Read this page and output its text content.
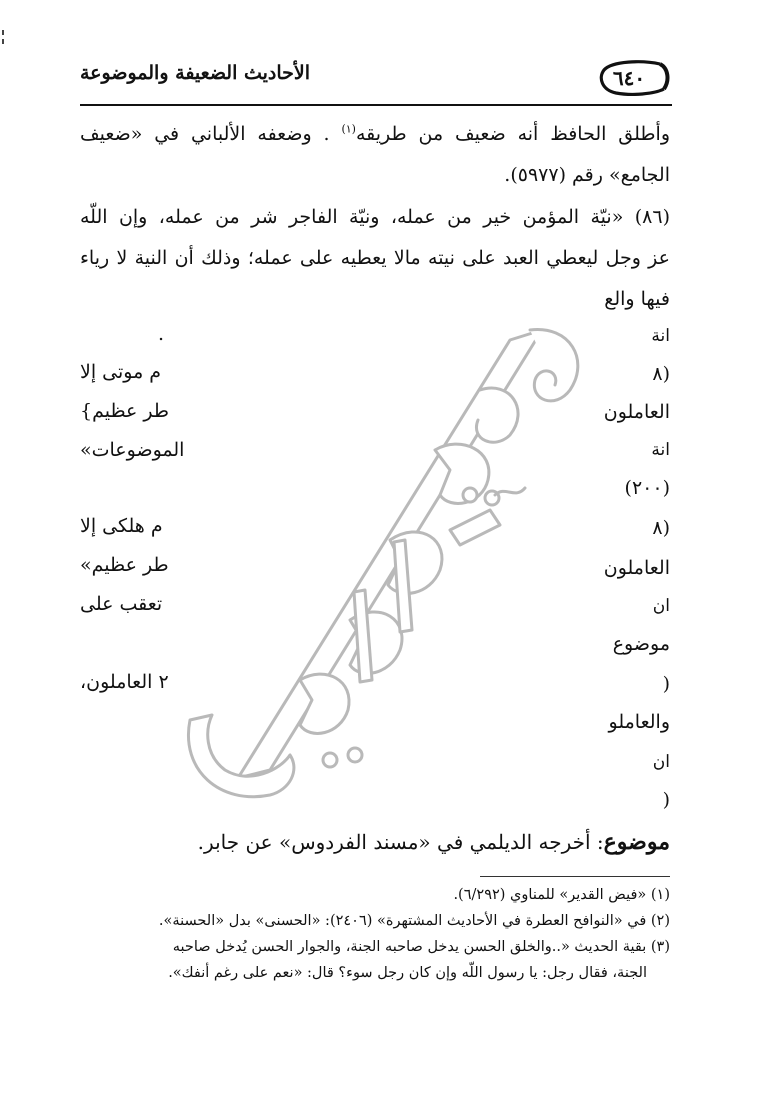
الأحاديث الضعيفة والموضوعة	٦٤٠
وأطلق الحافظ أنه ضعيف من طريقه$^{(١)}$ . وضعفه الألباني في «ضعيف
الجامع» رقم (٥٩٧٧).
(٨٦) «نيّة المؤمن خير من عمله، ونيّة الفاجر شر من عمله، وإن اللّه
عز وجل ليعطي العبد على نيته مالا يعطيه على عمله؛ وذلك أن النية لا رياء
فيها والع
انة
(٨
العاملون
انة
(٢٠٠)
(٨
العاملون
ان
موضوع
(
والعاملو
ان
(
.
م موتى إلا
طر عظيم}
الموضوعات»
م هلكى إلا
طر عظيم»
تعقب على
٢ العاملون،
موضوع: أخرجه الديلمي في «مسند الفردوس» عن جابر.
(١) «فيض القدير» للمناوي (٦/٢٩٢).
(٢) في «النوافح العطرة في الأحاديث المشتهرة» (٢٤٠٦): «الحسنى» بدل «الحسنة».
(٣) بقية الحديث «..والخلق الحسن يدخل صاحبه الجنة، والجوار الحسن يُدخل صاحبه
الجنة، فقال رجل: يا رسول اللّه وإن كان رجل سوء؟ قال: «نعم على رغم أنفك».
